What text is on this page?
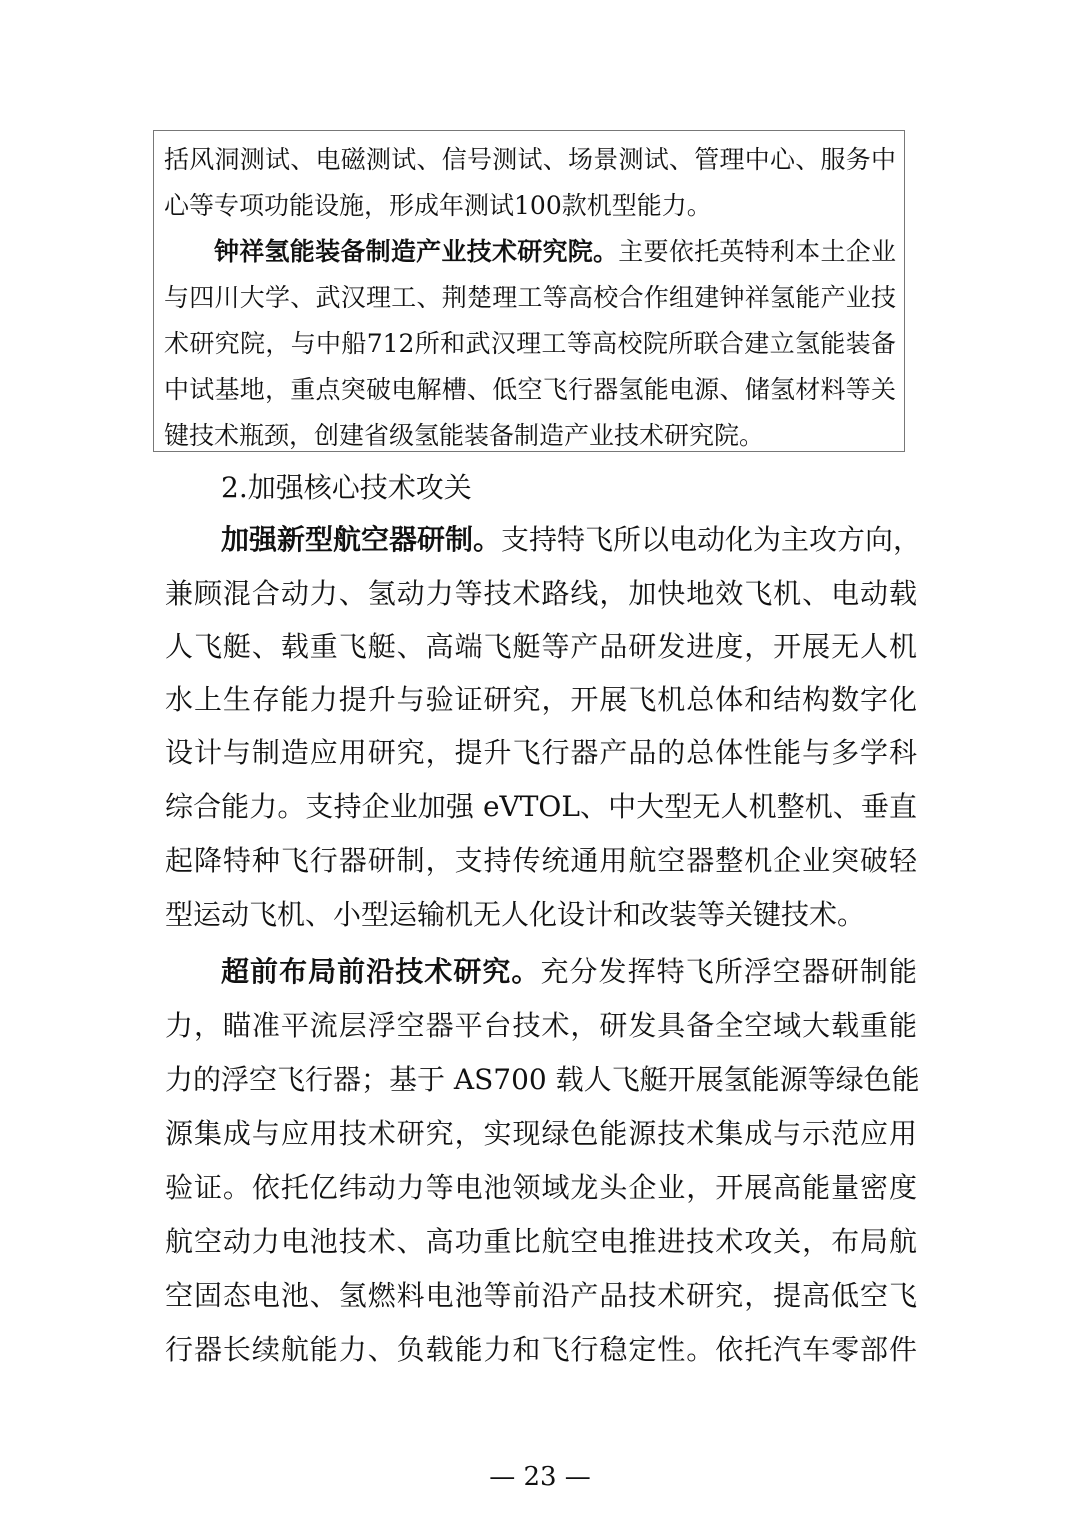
括风洞测试、电磁测试、信号测试、场景测试、管理中心、服务中
心等专项功能设施，形成年测试100款机型能力。
钟祥氢能装备制造产业技术研究院。主要依托英特利本土企业
与四川大学、武汉理工、荆楚理工等高校合作组建钟祥氢能产业技
术研究院，与中船712所和武汉理工等高校院所联合建立氢能装备
中试基地，重点突破电解槽、低空飞行器氢能电源、储氢材料等关
键技术瓶颈，创建省级氢能装备制造产业技术研究院。
2.加强核心技术攻关
加强新型航空器研制。支持特飞所以电动化为主攻方向，
兼顾混合动力、氢动力等技术路线，加快地效飞机、电动载
人飞艇、载重飞艇、高端飞艇等产品研发进度，开展无人机
水上生存能力提升与验证研究，开展飞机总体和结构数字化
设计与制造应用研究，提升飞行器产品的总体性能与多学科
综合能力。支持企业加强 eVTOL、中大型无人机整机、垂直
起降特种飞行器研制，支持传统通用航空器整机企业突破轻
型运动飞机、小型运输机无人化设计和改装等关键技术。
超前布局前沿技术研究。充分发挥特飞所浮空器研制能
力，瞄准平流层浮空器平台技术，研发具备全空域大载重能
力的浮空飞行器；基于 AS700 载人飞艇开展氢能源等绿色能
源集成与应用技术研究，实现绿色能源技术集成与示范应用
验证。依托亿纬动力等电池领域龙头企业，开展高能量密度
航空动力电池技术、高功重比航空电推进技术攻关，布局航
空固态电池、氢燃料电池等前沿产品技术研究，提高低空飞
行器长续航能力、负载能力和飞行稳定性。依托汽车零部件
— 23 —
